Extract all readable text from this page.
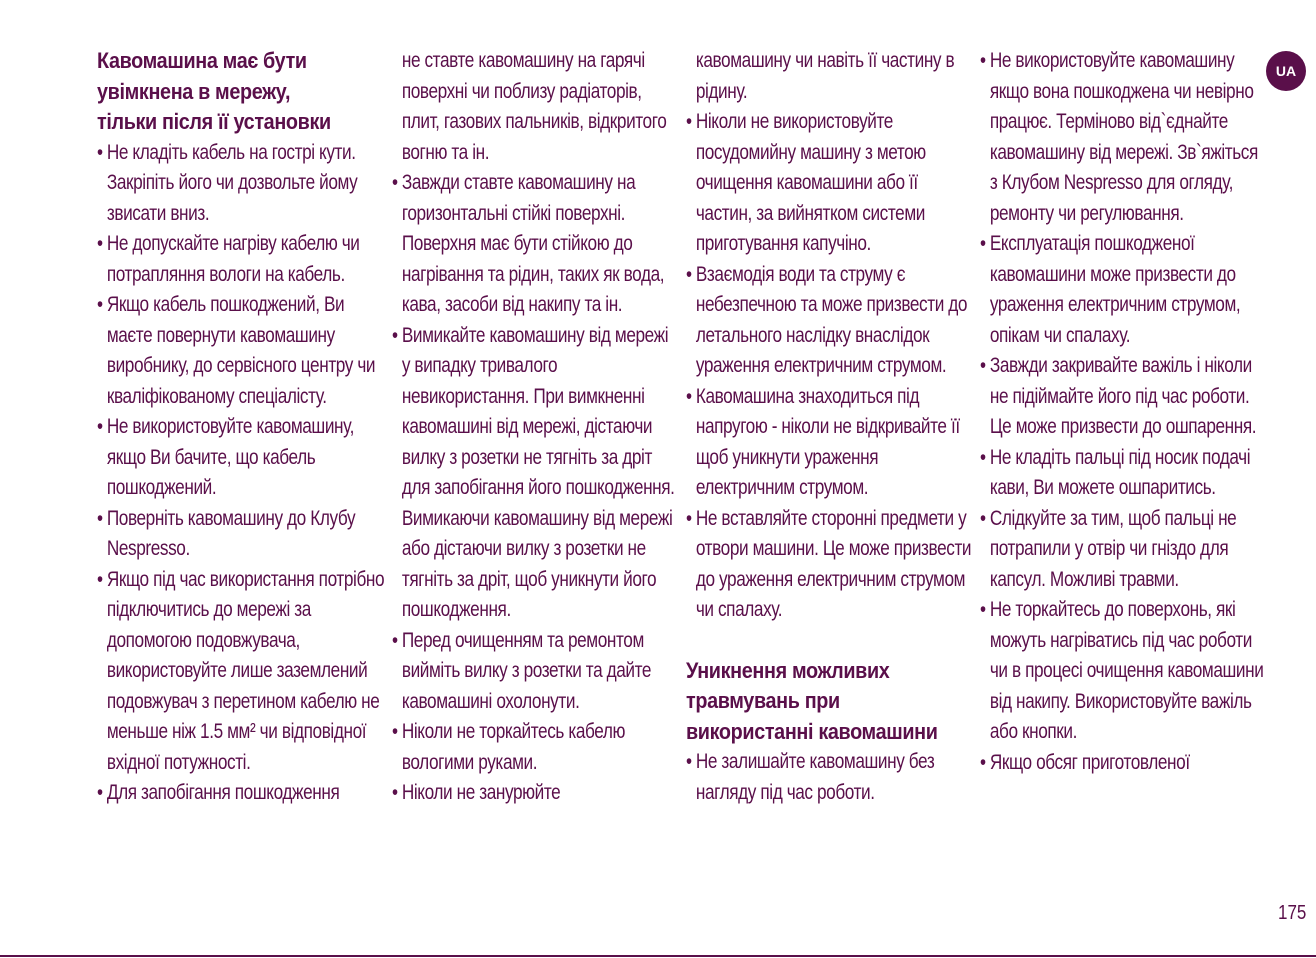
Кавомашина має бути
увімкнена в мережу,
тільки після її установки
• Не кладіть кабель на гострі кути. Закріпіть його чи дозвольте йому звисати вниз.
• Не допускайте нагріву кабелю чи потрапляння вологи на кабель.
• Якщо кабель пошкоджений, Ви маєте повернути кавомашину виробнику, до сервісного центру чи кваліфікованому спеціалісту.
• Не використовуйте кавомашину, якщо Ви бачите, що кабель пошкоджений.
• Поверніть кавомашину до Клубу Nespresso.
• Якщо під час використання потрібно підключитись до мережі за допомогою подовжувача, використовуйте лише заземлений подовжувач з перетином кабелю не меньше ніж 1.5 мм² чи відповідної вхідної потужності.
• Для запобігання пошкодження
не ставте кавомашину на гарячі поверхні чи поблизу радіаторів, плит, газових пальників, відкритого вогню та ін.
• Завжди ставте кавомашину на горизонтальні стійкі поверхні. Поверхня має бути стійкою до нагрівання та рідин, таких як вода, кава, засоби від накипу та ін.
• Вимикайте кавомашину від мережі у випадку тривалого невикористання. При вимкненні кавомашині від мережі, дістаючи вилку з розетки не тягніть за дріт для запобігання його пошкодження. Вимикаючи кавомашину від мережі або дістаючи вилку з розетки не тягніть за дріт, щоб уникнути його пошкодження.
• Перед очищенням та ремонтом вийміть вилку з розетки та дайте кавомашині охолонути.
• Ніколи не торкайтесь кабелю вологими руками.
• Ніколи не занурюйте
кавомашину чи навіть її частину в рідину.
• Ніколи не використовуйте посудомийну машину з метою очищення кавомашини або її частин, за вийнятком системи приготування капучіно.
• Взаємодія води та струму є небезпечною та може призвести до летального наслідку внаслідок ураження електричним струмом.
• Кавомашина знаходиться під напругою - ніколи не відкривайте її щоб уникнути ураження електричним струмом.
• Не вставляйте сторонні предмети у отвори машини. Це може призвести до ураження електричним струмом чи спалаху.
Уникнення можливих
травмувань при
використанні кавомашини
• Не залишайте кавомашину без нагляду під час роботи.
• Не використовуйте кавомашину якщо вона пошкоджена чи невірно працює. Терміново від`єднайте кавомашину від мережі. Зв`яжіться з Клубом Nespresso для огляду, ремонту чи регулювання.
• Експлуатація пошкодженої кавомашини може призвести до ураження електричним струмом, опікам чи спалаху.
• Завжди закривайте важіль і ніколи не підіймайте його під час роботи. Це може призвести до ошпарення.
• Не кладіть пальці під носик подачі кави, Ви можете ошпаритись.
• Слідкуйте за тим, щоб пальці не потрапили у отвір чи гніздо для капсул. Можливі травми.
• Не торкайтесь до поверхонь, які можуть нагріватись під час роботи чи в процесі очищення кавомашини від накипу. Використовуйте важіль або кнопки.
• Якщо обсяг приготовленої
UA
175
